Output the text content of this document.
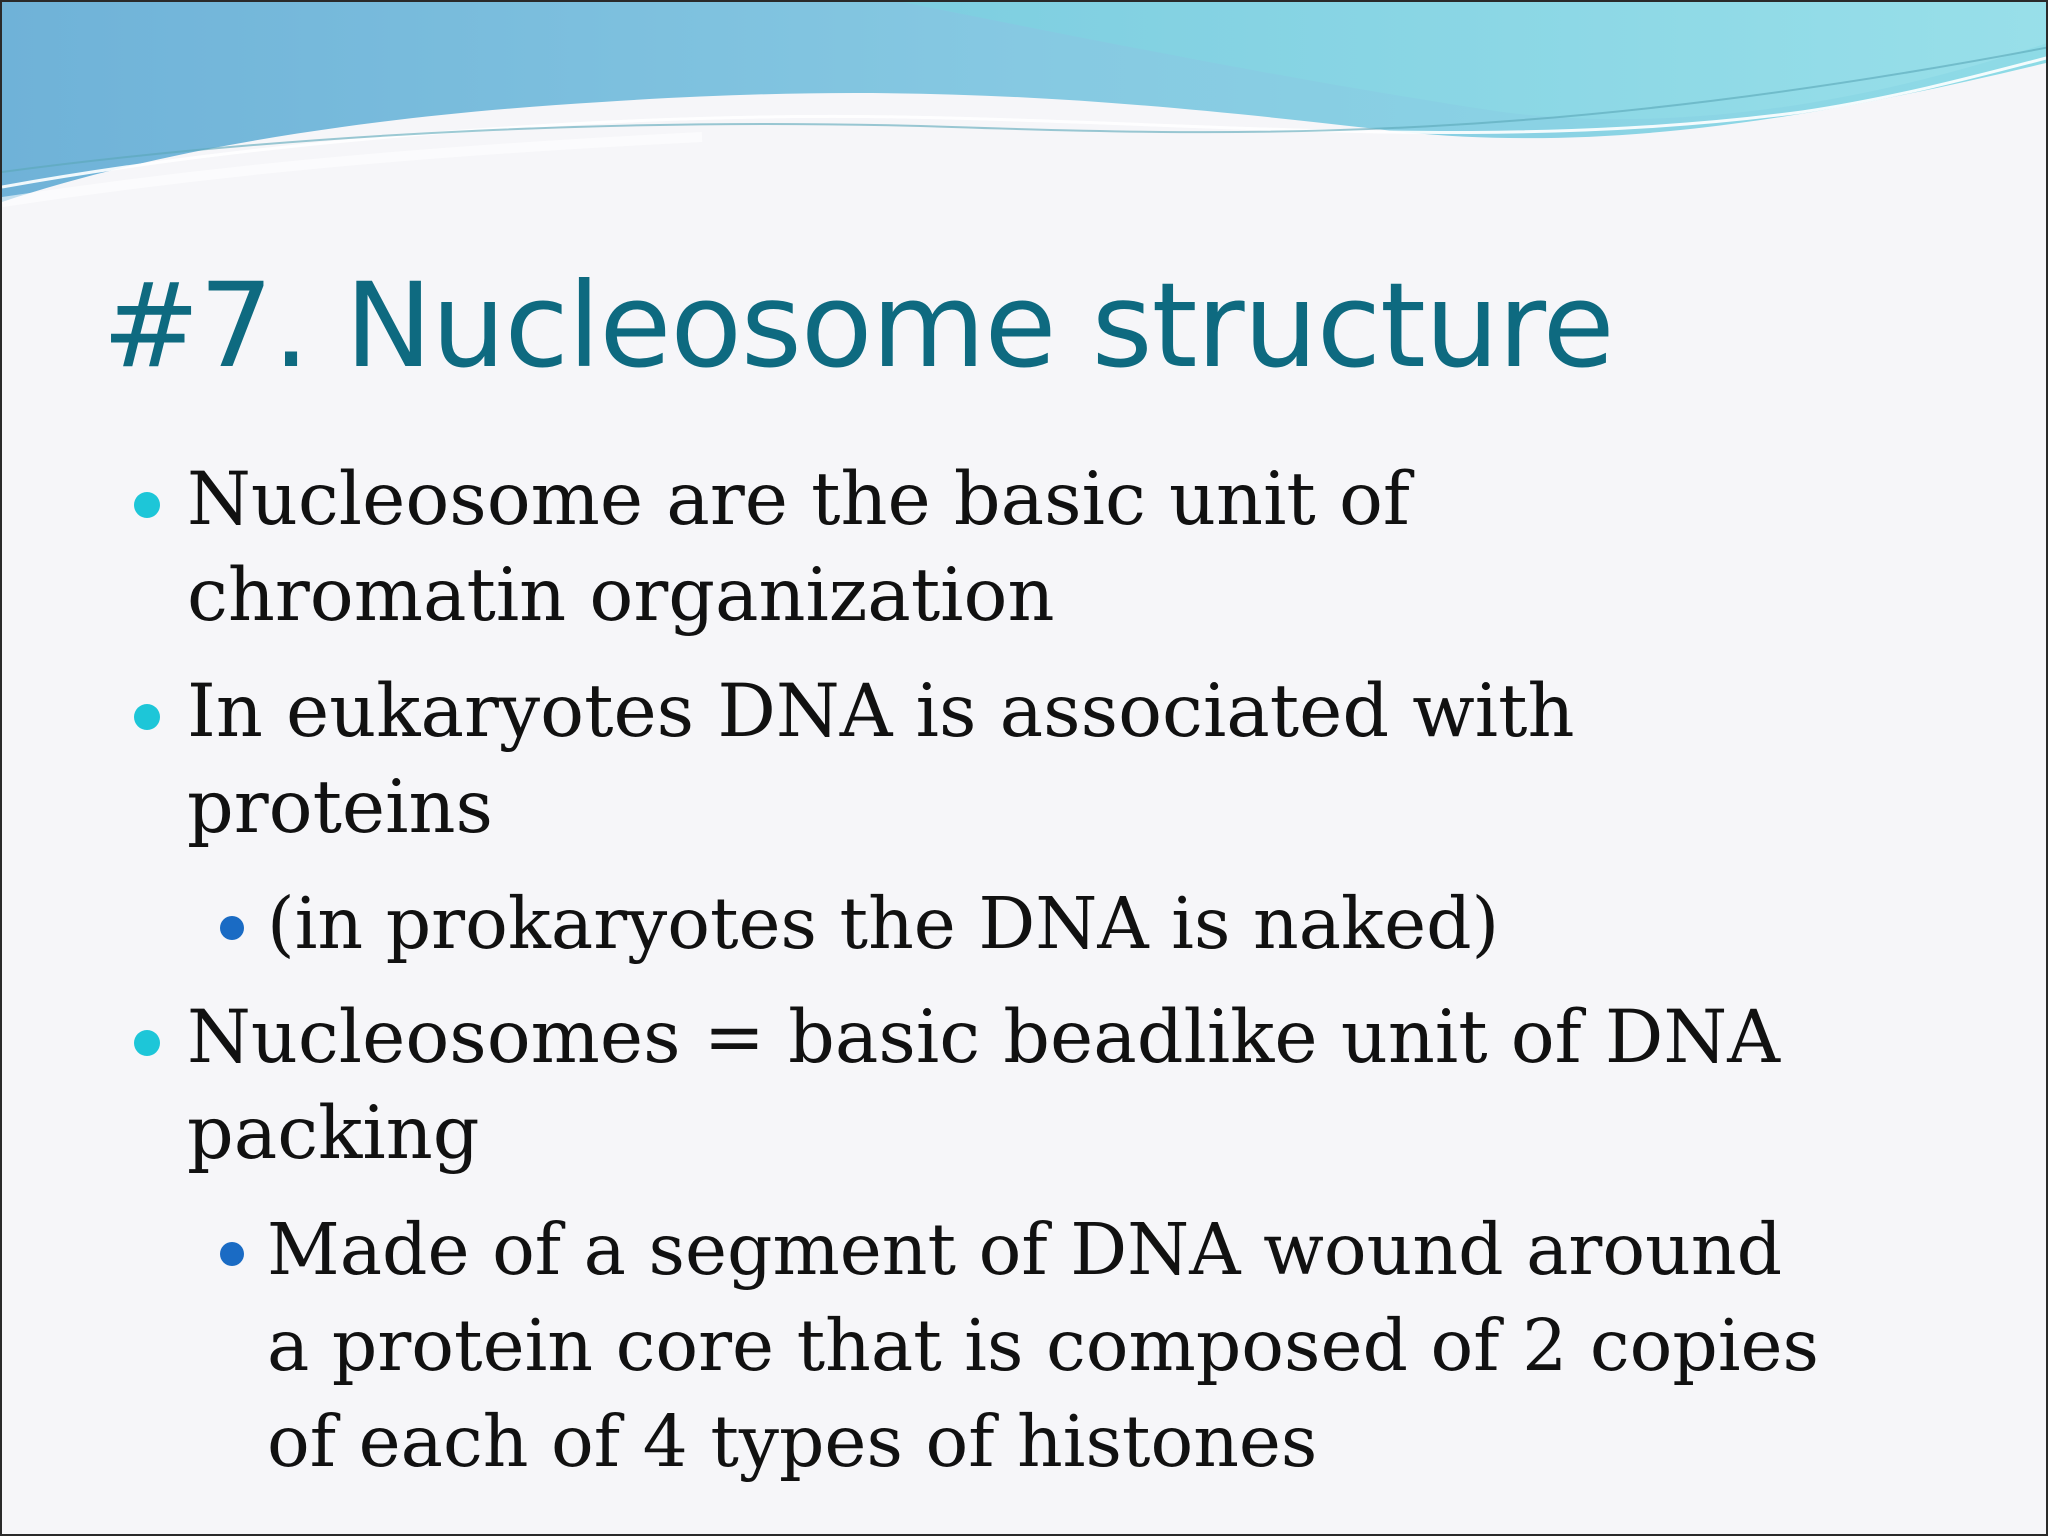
#7. Nucleosome structure
Nucleosome are the basic unit of chromatin organization
In eukaryotes DNA is associated with proteins
(in prokaryotes the DNA is naked)
Nucleosomes = basic beadlike unit of DNA packing
Made of a segment of DNA wound around a protein core that is composed of 2 copies of each of 4 types of histones
